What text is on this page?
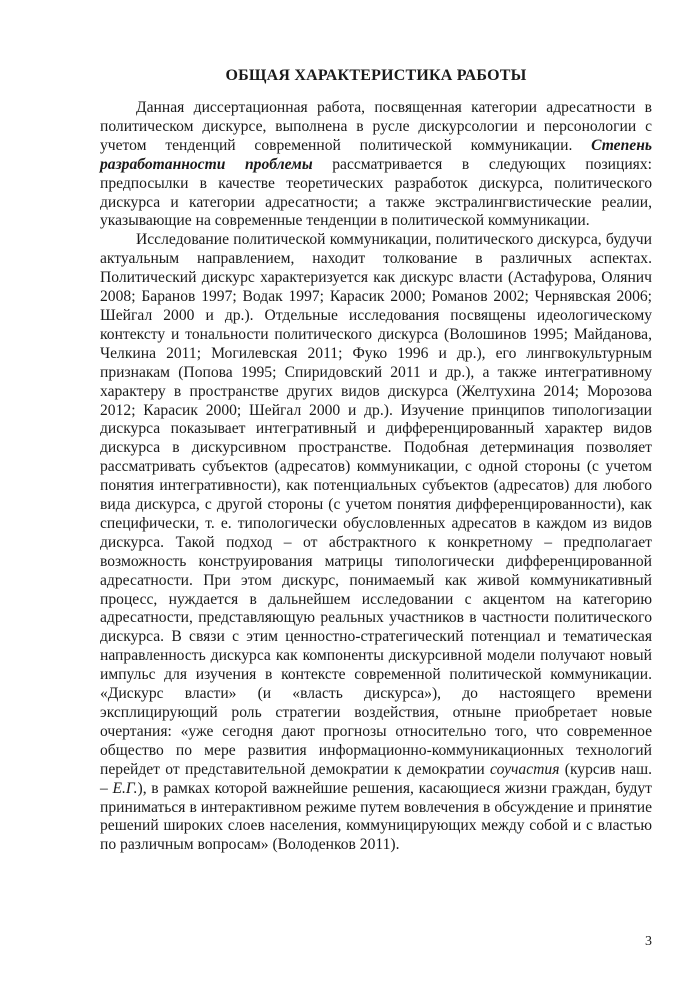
ОБЩАЯ ХАРАКТЕРИСТИКА РАБОТЫ

Данная диссертационная работа, посвященная категории адресатности в политическом дискурсе, выполнена в русле дискурсологии и персонологии с учетом тенденций современной политической коммуникации. Степень разработанности проблемы рассматривается в следующих позициях: предпосылки в качестве теоретических разработок дискурса, политического дискурса и категории адресатности; а также экстралингвистические реалии, указывающие на современные тенденции в политической коммуникации.

Исследование политической коммуникации, политического дискурса, будучи актуальным направлением, находит толкование в различных аспектах. Политический дискурс характеризуется как дискурс власти (Астафурова, Олянич 2008; Баранов 1997; Водак 1997; Карасик 2000; Романов 2002; Чернявская 2006; Шейгал 2000 и др.). Отдельные исследования посвящены идеологическому контексту и тональности политического дискурса (Волошинов 1995; Майданова, Челкина 2011; Могилевская 2011; Фуко 1996 и др.), его лингвокультурным признакам (Попова 1995; Спиридовский 2011 и др.), а также интегративному характеру в пространстве других видов дискурса (Желтухина 2014; Морозова 2012; Карасик 2000; Шейгал 2000 и др.). Изучение принципов типологизации дискурса показывает интегративный и дифференцированный характер видов дискурса в дискурсивном пространстве. Подобная детерминация позволяет рассматривать субъектов (адресатов) коммуникации, с одной стороны (с учетом понятия интегративности), как потенциальных субъектов (адресатов) для любого вида дискурса, с другой стороны (с учетом понятия дифференцированности), как специфически, т. е. типологически обусловленных адресатов в каждом из видов дискурса. Такой подход – от абстрактного к конкретному – предполагает возможность конструирования матрицы типологически дифференцированной адресатности. При этом дискурс, понимаемый как живой коммуникативный процесс, нуждается в дальнейшем исследовании с акцентом на категорию адресатности, представляющую реальных участников в частности политического дискурса. В связи с этим ценностно-стратегический потенциал и тематическая направленность дискурса как компоненты дискурсивной модели получают новый импульс для изучения в контексте современной политической коммуникации. «Дискурс власти» (и «власть дискурса»), до настоящего времени эксплицирующий роль стратегии воздействия, отныне приобретает новые очертания: «уже сегодня дают прогнозы относительно того, что современное общество по мере развития информационно-коммуникационных технологий перейдет от представительной демократии к демократии соучастия (курсив наш. – Е.Г.), в рамках которой важнейшие решения, касающиеся жизни граждан, будут приниматься в интерактивном режиме путем вовлечения в обсуждение и принятие решений широких слоев населения, коммуницирующих между собой и с властью по различным вопросам» (Володенков 2011).

3
